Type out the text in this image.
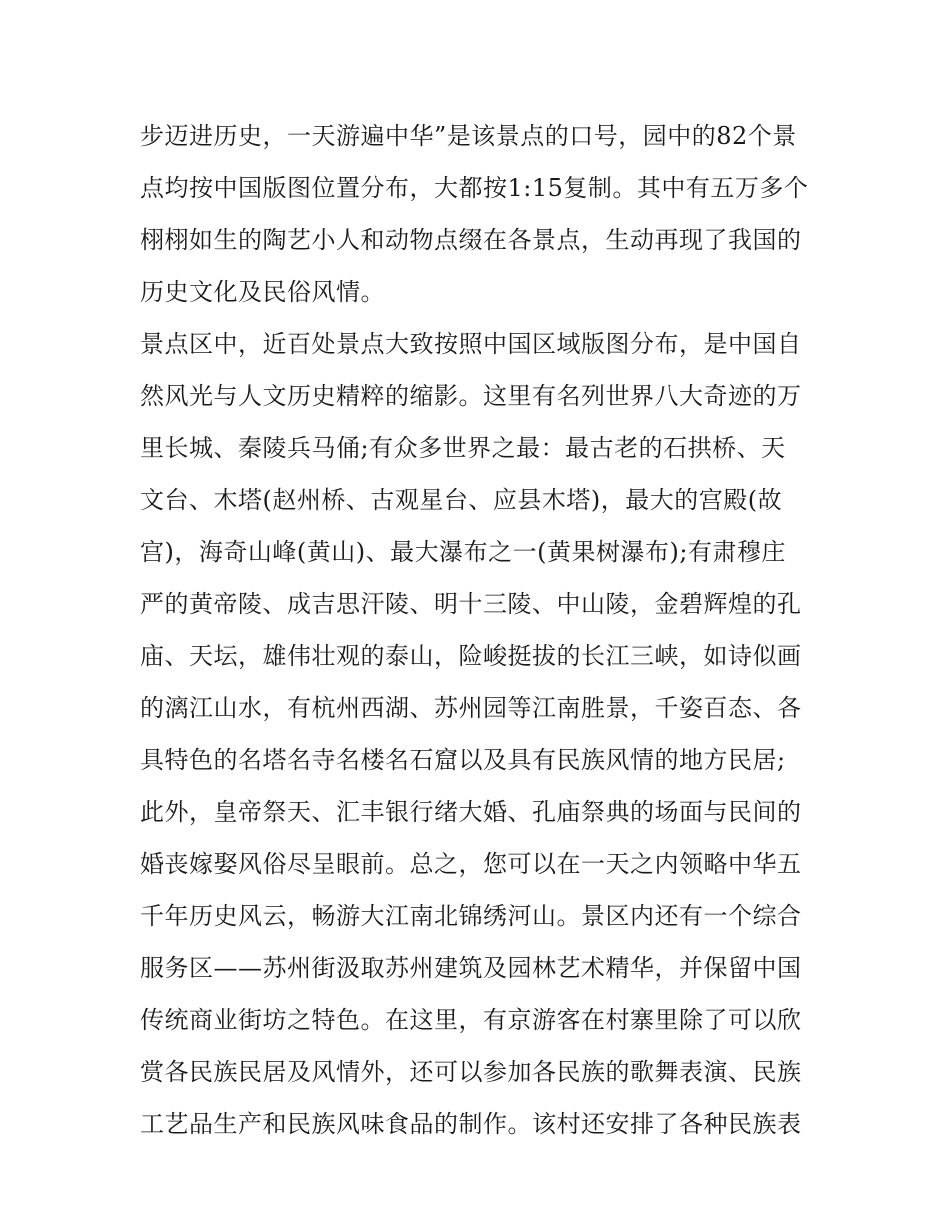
步迈进历史，一天游遍中华”是该景点的口号，园中的82个景
点均按中国版图位置分布，大都按1:15复制。其中有五万多个
栩栩如生的陶艺小人和动物点缀在各景点，生动再现了我国的
历史文化及民俗风情。
景点区中，近百处景点大致按照中国区域版图分布，是中国自
然风光与人文历史精粹的缩影。这里有名列世界八大奇迹的万
里长城、秦陵兵马俑;有众多世界之最：最古老的石拱桥、天
文台、木塔(赵州桥、古观星台、应县木塔)，最大的宫殿(故
宫)，海奇山峰(黄山)、最大瀑布之一(黄果树瀑布);有肃穆庄
严的黄帝陵、成吉思汗陵、明十三陵、中山陵，金碧辉煌的孔
庙、天坛，雄伟壮观的泰山，险峻挺拔的长江三峡，如诗似画
的漓江山水，有杭州西湖、苏州园等江南胜景，千姿百态、各
具特色的名塔名寺名楼名石窟以及具有民族风情的地方民居;
此外，皇帝祭天、汇丰银行绪大婚、孔庙祭典的场面与民间的
婚丧嫁娶风俗尽呈眼前。总之，您可以在一天之内领略中华五
千年历史风云，畅游大江南北锦绣河山。景区内还有一个综合
服务区——苏州街汲取苏州建筑及园林艺术精华，并保留中国
传统商业街坊之特色。在这里，有京游客在村寨里除了可以欣
赏各民族民居及风情外，还可以参加各民族的歌舞表演、民族
工艺品生产和民族风味食品的制作。该村还安排了各种民族表
